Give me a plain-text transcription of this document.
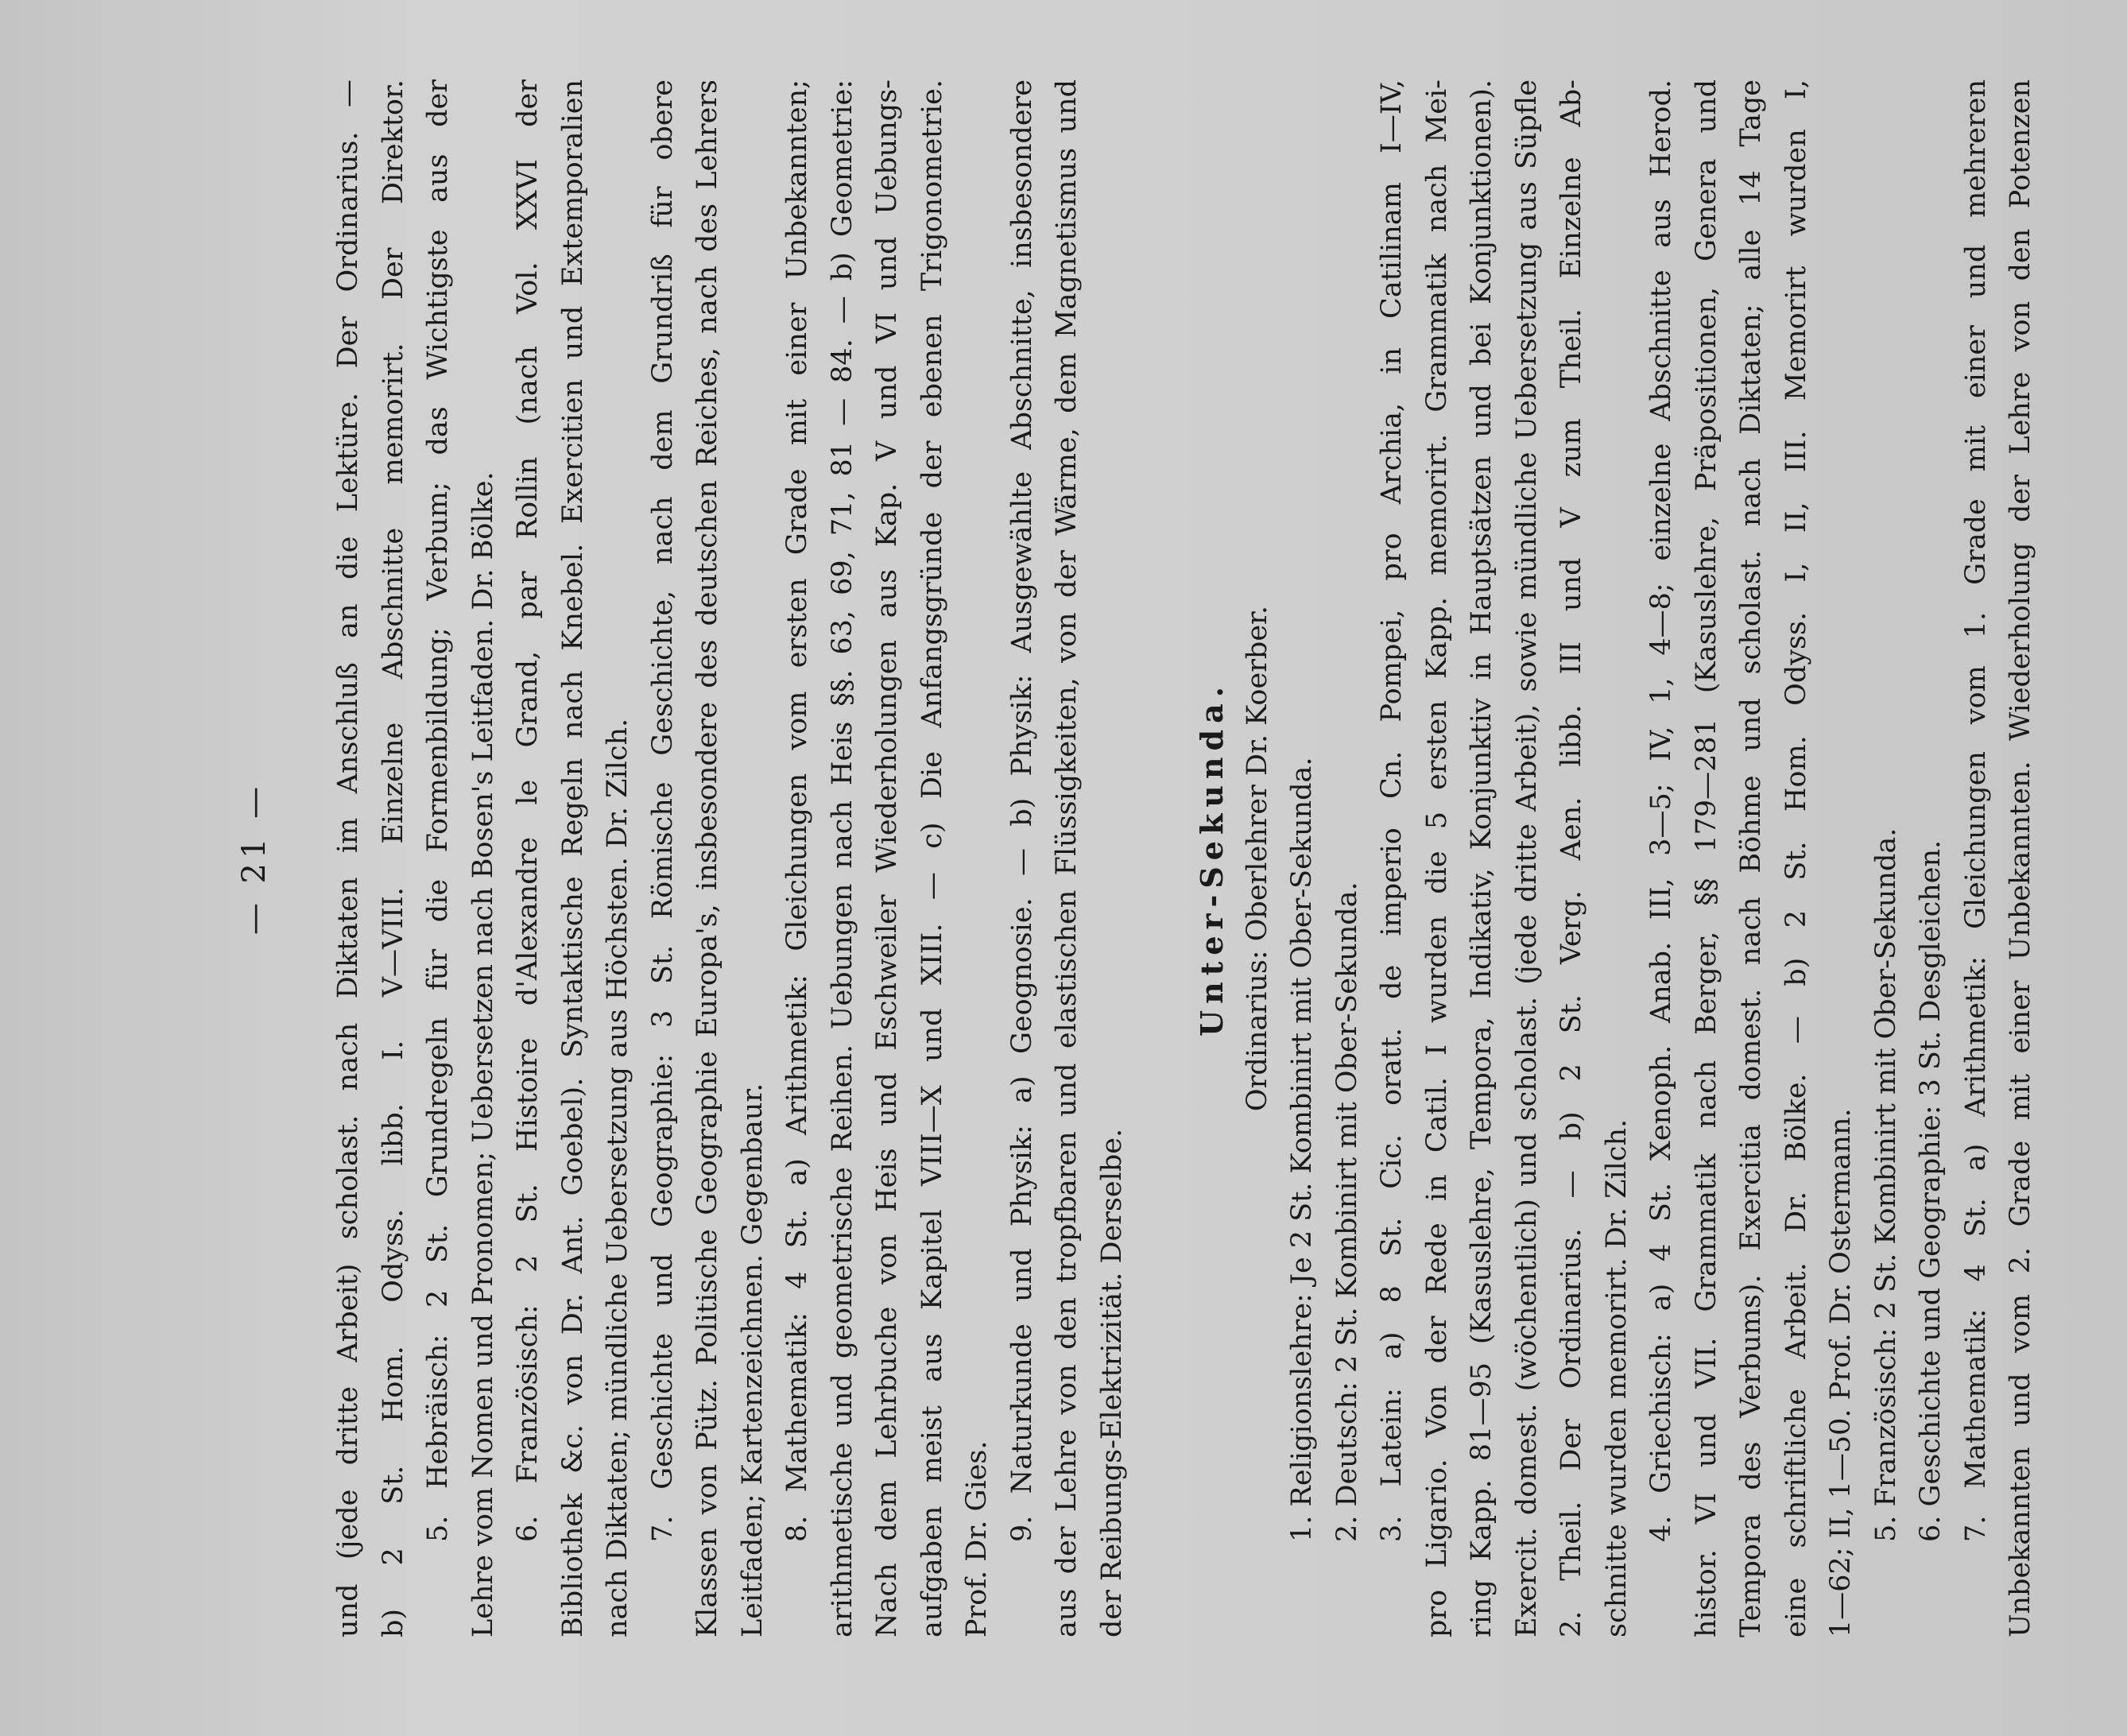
— 21 — und (jede dritte Arbeit) scholast. nach Diktaten im Anschluß an die Lektüre. Der Ordinarius. — b) 2 St. Hom. Odyss. libb. I. V—VIII. Einzelne Abschnitte memorirt. Der Direktor. 5. Hebräisch: 2 St. Grundregeln für die Formenbildung; Verbum; das Wichtigste aus der Lehre vom Nomen und Pronomen; Uebersetzen nach Bosen's Leitfaden. Dr. Bölke. 6. Französisch: 2 St. Histoire d'Alexandre le Grand, par Rollin (nach Vol. XXVI der Bibliothek &c. von Dr. Ant. Goebel). Syntaktische Regeln nach Knebel. Exercitien und Extemporalien nach Diktaten; mündliche Uebersetzung aus Höchsten. Dr. Zilch. 7. Geschichte und Geographie: 3 St. Römische Geschichte, nach dem Grundriß für obere Klassen von Pütz. Politische Geographie Europa's, insbesondere des deutschen Reiches, nach des Lehrers Leitfaden; Kartenzeichnen. Gegenbaur. 8. Mathematik: 4 St. a) Arithmetik: Gleichungen vom ersten Grade mit einer Unbekannten; arithmetische und geometrische Reihen. Uebungen nach Heis §§. 63, 69, 71, 81 — 84. — b) Geometrie: Nach dem Lehrbuche von Heis und Eschweiler Wiederholungen aus Kap. V und VI und Uebungs- aufgaben meist aus Kapitel VIII—X und XIII. — c) Die Anfangsgründe der ebenen Trigonometrie. Prof. Dr. Gies. 9. Naturkunde und Physik: a) Geognosie. — b) Physik: Ausgewählte Abschnitte, insbesondere aus der Lehre von den tropfbaren und elastischen Flüssigkeiten, von der Wärme, dem Magnetismus und der Reibungs-Elektrizität. Derselbe.
Unter-Sekunda. Ordinarius: Oberlehrer Dr. Koerber. 1. Religionslehre: Je 2 St. Kombinirt mit Ober-Sekunda. 2. Deutsch: 2 St. Kombinirt mit Ober-Sekunda. 3. Latein: a) 8 St. Cic. oratt. de imperio Cn. Pompei, pro Archia, in Catilinam I—IV, pro Ligario. Von der Rede in Catil. I wurden die 5 ersten Kapp. memorirt. Grammatik nach Mei- ring Kapp. 81—95 (Kasuslehre, Tempora, Indikativ, Konjunktiv in Hauptsätzen und bei Konjunktionen). Exercit. domest. (wöchentlich) und scholast. (jede dritte Arbeit), sowie mündliche Uebersetzung aus Süpfle 2. Theil. Der Ordinarius. — b) 2 St. Verg. Aen. libb. III und V zum Theil. Einzelne Ab- schnitte wurden memorirt. Dr. Zilch. 4. Griechisch: a) 4 St. Xenoph. Anab. III, 3—5; IV, 1, 4—8; einzelne Abschnitte aus Herod. histor. VI und VII. Grammatik nach Berger, §§ 179—281 (Kasuslehre, Präpositionen, Genera und Tempora des Verbums). Exercitia domest. nach Böhme und scholast. nach Diktaten; alle 14 Tage eine schriftliche Arbeit. Dr. Bölke. — b) 2 St. Hom. Odyss. I, II, III. Memorirt wurden I, 1—62; II, 1—50. Prof. Dr. Ostermann. 5. Französisch: 2 St. Kombinirt mit Ober-Sekunda. 6. Geschichte und Geographie: 3 St. Desgleichen. 7. Mathematik: 4 St. a) Arithmetik: Gleichungen vom 1. Grade mit einer und mehreren Unbekannten und vom 2. Grade mit einer Unbekannten. Wiederholung der Lehre von den Potenzen
